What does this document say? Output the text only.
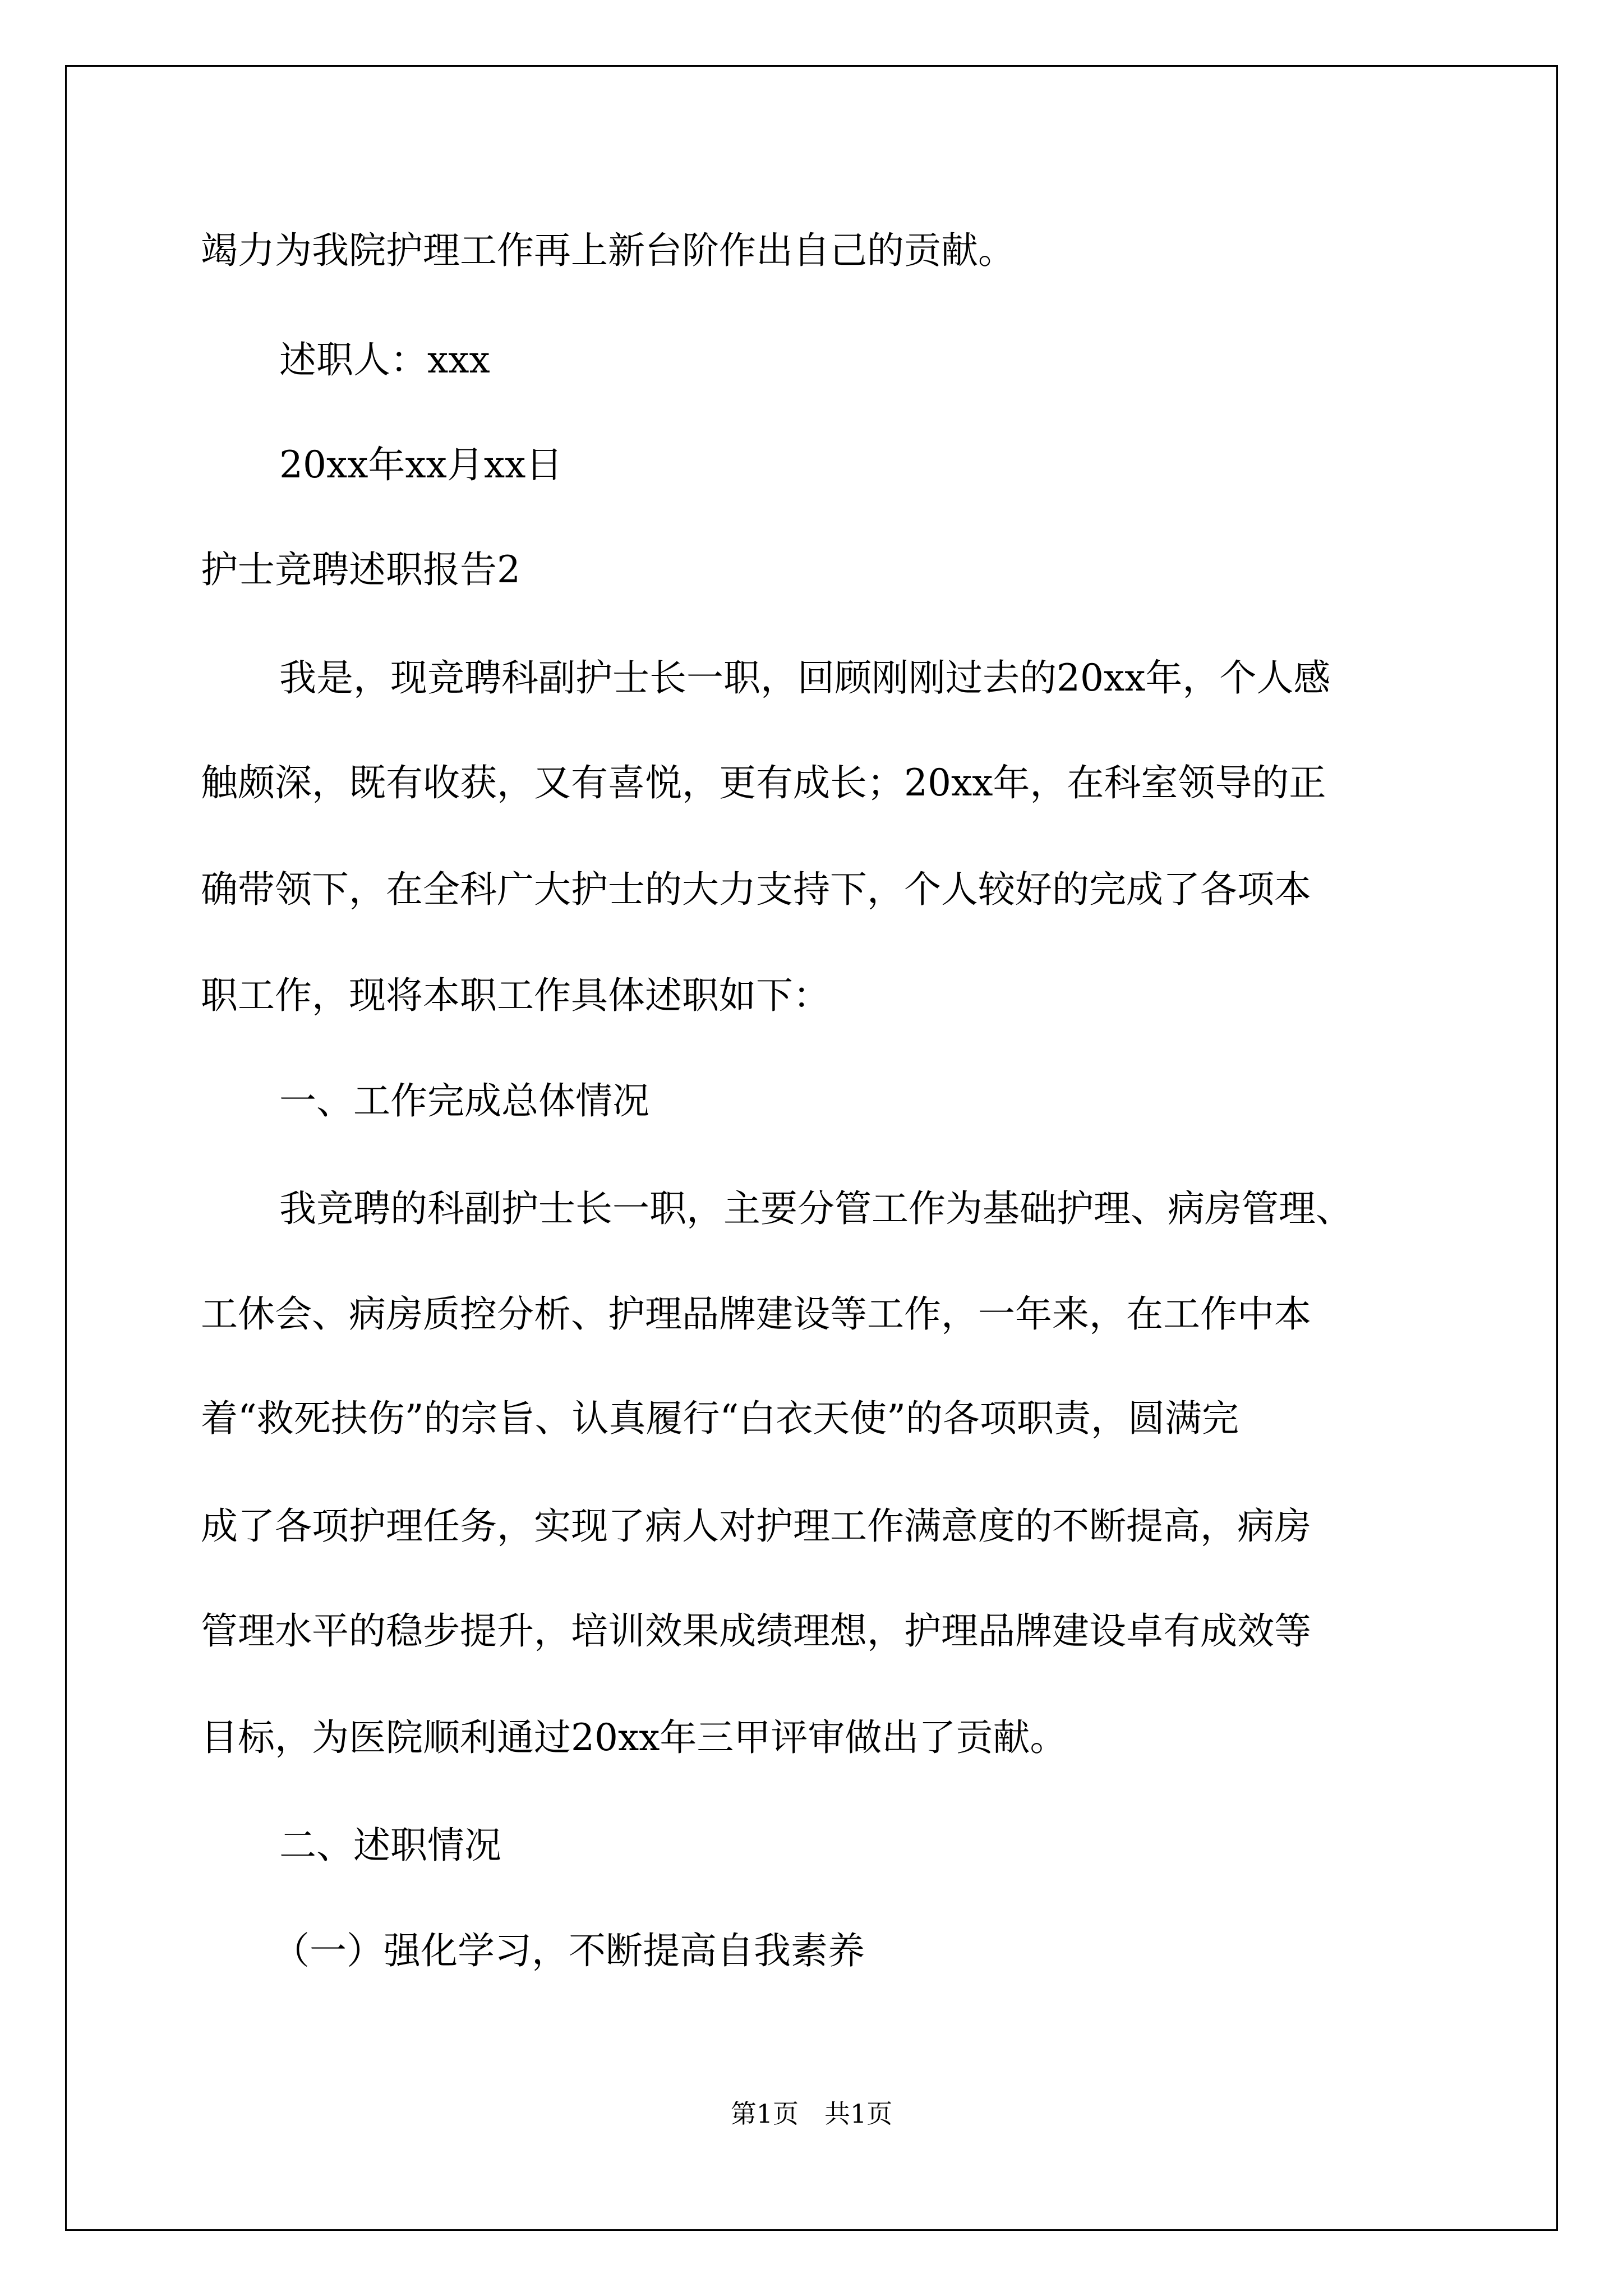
竭力为我院护理工作再上新台阶作出自己的贡献。
述职人：xxx
20xx年xx月xx日
护士竞聘述职报告2
我是，现竞聘科副护士长一职，回顾刚刚过去的20xx年，个人感
触颇深，既有收获，又有喜悦，更有成长；20xx年，在科室领导的正
确带领下，在全科广大护士的大力支持下，个人较好的完成了各项本
职工作，现将本职工作具体述职如下：
一、工作完成总体情况
我竞聘的科副护士长一职，主要分管工作为基础护理、病房管理、
工休会、病房质控分析、护理品牌建设等工作，一年来，在工作中本
着“救死扶伤”的宗旨、认真履行“白衣天使”的各项职责，圆满完
成了各项护理任务，实现了病人对护理工作满意度的不断提高，病房
管理水平的稳步提升，培训效果成绩理想，护理品牌建设卓有成效等
目标，为医院顺利通过20xx年三甲评审做出了贡献。
二、述职情况
（一）强化学习，不断提高自我素养
第1页　共1页
